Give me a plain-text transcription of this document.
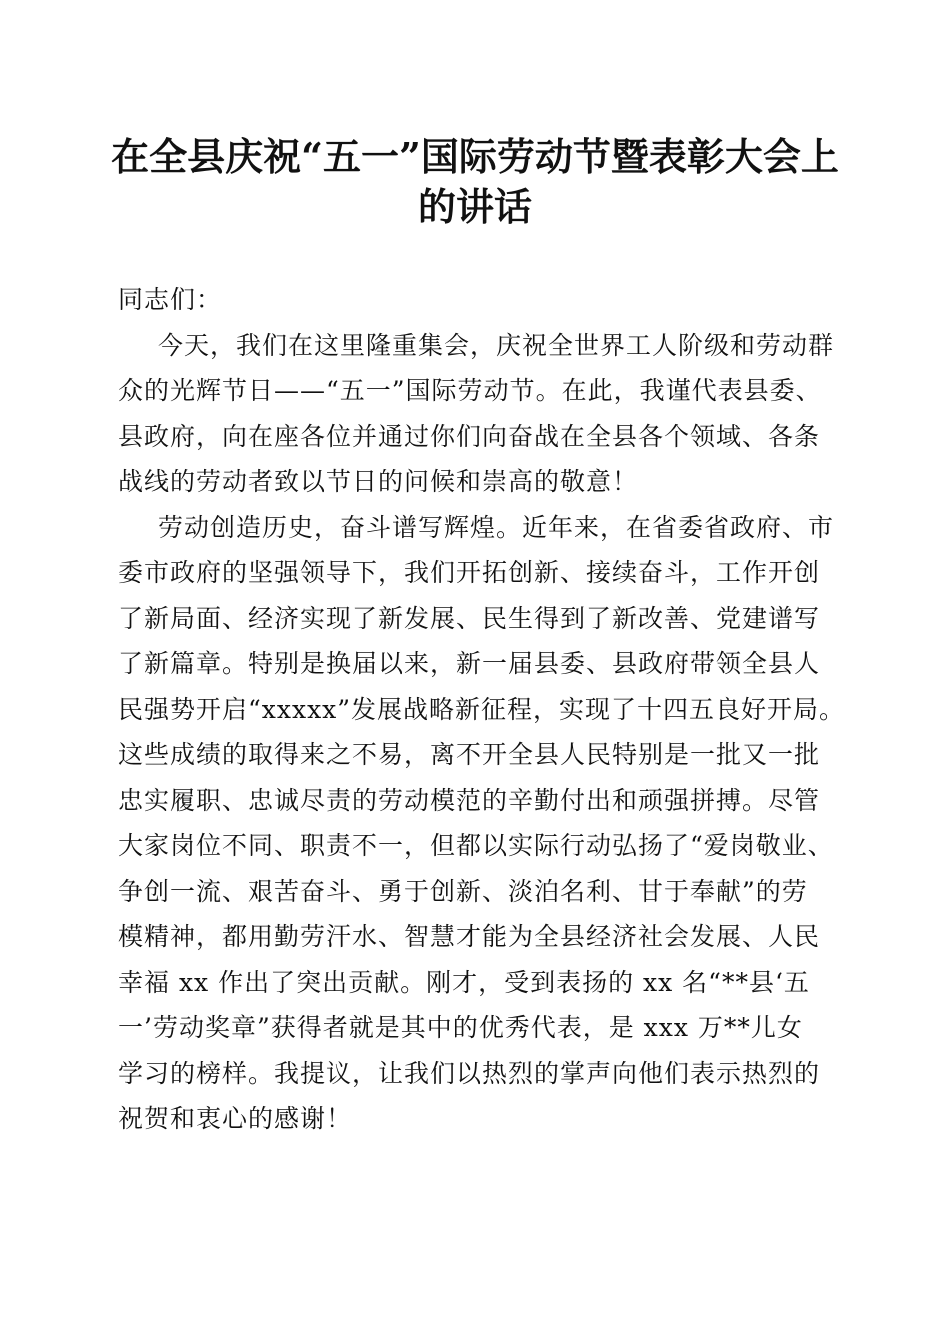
在全县庆祝“五一”国际劳动节暨表彰大会上
的讲话
同志们：
今天，我们在这里隆重集会，庆祝全世界工人阶级和劳动群
众的光辉节日——“五一”国际劳动节。在此，我谨代表县委、
县政府，向在座各位并通过你们向奋战在全县各个领域、各条
战线的劳动者致以节日的问候和崇高的敬意！
劳动创造历史，奋斗谱写辉煌。近年来，在省委省政府、市
委市政府的坚强领导下，我们开拓创新、接续奋斗，工作开创
了新局面、经济实现了新发展、民生得到了新改善、党建谱写
了新篇章。特别是换届以来，新一届县委、县政府带领全县人
民强势开启“xxxxx”发展战略新征程，实现了十四五良好开局。
这些成绩的取得来之不易，离不开全县人民特别是一批又一批
忠实履职、忠诚尽责的劳动模范的辛勤付出和顽强拼搏。尽管
大家岗位不同、职责不一，但都以实际行动弘扬了“爱岗敬业、
争创一流、艰苦奋斗、勇于创新、淡泊名利、甘于奉献”的劳
模精神，都用勤劳汗水、智慧才能为全县经济社会发展、人民
幸福 xx 作出了突出贡献。刚才，受到表扬的 xx 名“**县‘五
一’劳动奖章”获得者就是其中的优秀代表，是 xxx 万**儿女
学习的榜样。我提议，让我们以热烈的掌声向他们表示热烈的
祝贺和衷心的感谢！
